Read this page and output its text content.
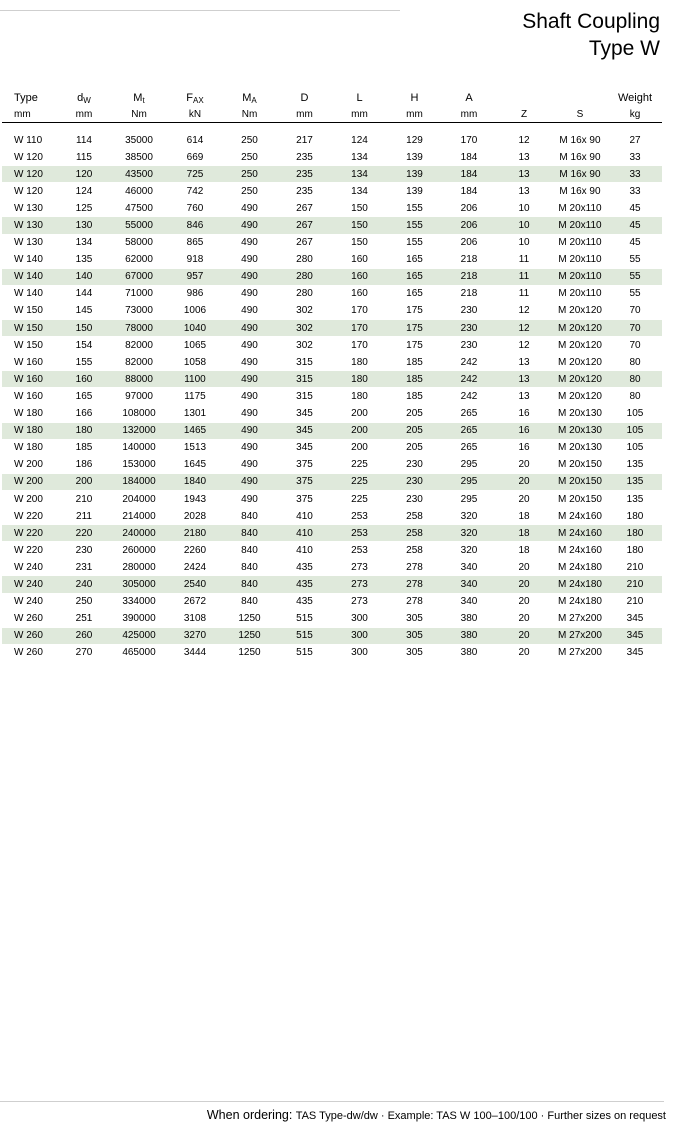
Shaft Coupling
Type W
Type	$d_W$	$M_t$	$F_{AX}$	$M_A$	D	L	H	A			Weight
mm	mm	Nm	kN	Nm	mm	mm	mm	mm	Z	S	kg

W 110	114	35000	614	250	217	124	129	170	12	M 16x 90	27
W 120	115	38500	669	250	235	134	139	184	13	M 16x 90	33
W 120	120	43500	725	250	235	134	139	184	13	M 16x 90	33
W 120	124	46000	742	250	235	134	139	184	13	M 16x 90	33
W 130	125	47500	760	490	267	150	155	206	10	M 20x110	45
W 130	130	55000	846	490	267	150	155	206	10	M 20x110	45
W 130	134	58000	865	490	267	150	155	206	10	M 20x110	45
W 140	135	62000	918	490	280	160	165	218	11	M 20x110	55
W 140	140	67000	957	490	280	160	165	218	11	M 20x110	55
W 140	144	71000	986	490	280	160	165	218	11	M 20x110	55
W 150	145	73000	1006	490	302	170	175	230	12	M 20x120	70
W 150	150	78000	1040	490	302	170	175	230	12	M 20x120	70
W 150	154	82000	1065	490	302	170	175	230	12	M 20x120	70
W 160	155	82000	1058	490	315	180	185	242	13	M 20x120	80
W 160	160	88000	1100	490	315	180	185	242	13	M 20x120	80
W 160	165	97000	1175	490	315	180	185	242	13	M 20x120	80
W 180	166	108000	1301	490	345	200	205	265	16	M 20x130	105
W 180	180	132000	1465	490	345	200	205	265	16	M 20x130	105
W 180	185	140000	1513	490	345	200	205	265	16	M 20x130	105
W 200	186	153000	1645	490	375	225	230	295	20	M 20x150	135
W 200	200	184000	1840	490	375	225	230	295	20	M 20x150	135
W 200	210	204000	1943	490	375	225	230	295	20	M 20x150	135
W 220	211	214000	2028	840	410	253	258	320	18	M 24x160	180
W 220	220	240000	2180	840	410	253	258	320	18	M 24x160	180
W 220	230	260000	2260	840	410	253	258	320	18	M 24x160	180
W 240	231	280000	2424	840	435	273	278	340	20	M 24x180	210
W 240	240	305000	2540	840	435	273	278	340	20	M 24x180	210
W 240	250	334000	2672	840	435	273	278	340	20	M 24x180	210
W 260	251	390000	3108	1250	515	300	305	380	20	M 27x200	345
W 260	260	425000	3270	1250	515	300	305	380	20	M 27x200	345
W 260	270	465000	3444	1250	515	300	305	380	20	M 27x200	345
When ordering: TAS Type-dw/dw · Example: TAS W 100–100/100 · Further sizes on request
